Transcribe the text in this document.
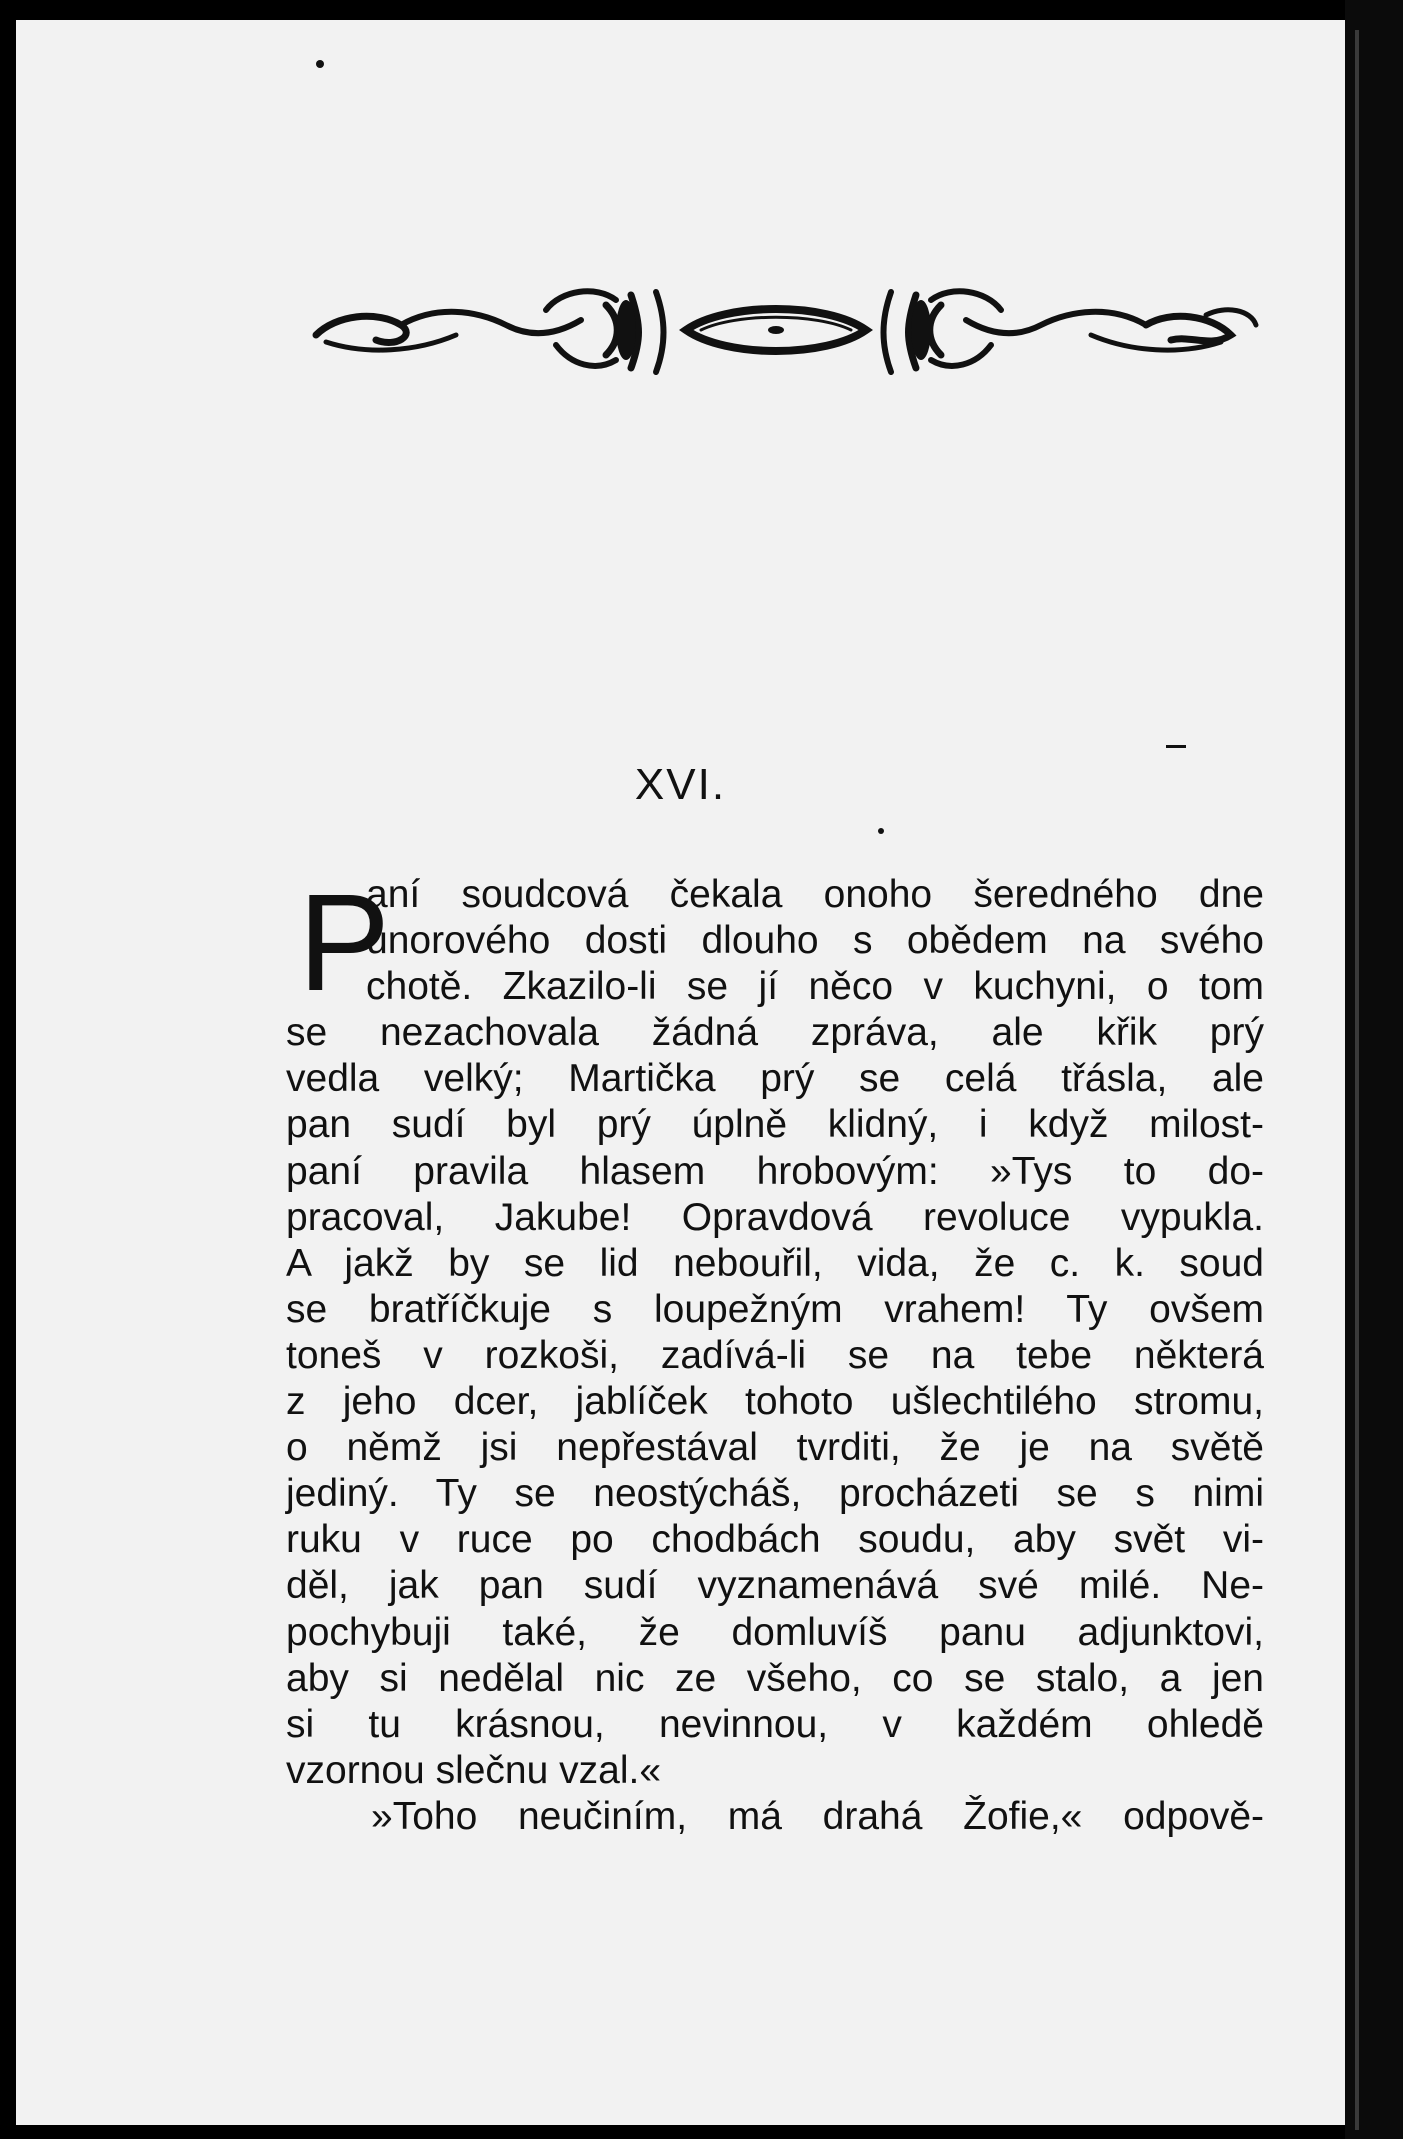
XVI.
P
aní soudcová čekala onoho šeredného dne
únorového dosti dlouho s obědem na svého
chotě. Zkazilo-li se jí něco v kuchyni, o tom
se nezachovala žádná zpráva, ale křik prý
vedla velký; Martička prý se celá třásla, ale
pan sudí byl prý úplně klidný, i když milost-
paní pravila hlasem hrobovým: »Tys to do-
pracoval, Jakube! Opravdová revoluce vypukla.
A jakž by se lid nebouřil, vida, že c. k. soud
se bratříčkuje s loupežným vrahem! Ty ovšem
toneš v rozkoši, zadívá-li se na tebe některá
z jeho dcer, jablíček tohoto ušlechtilého stromu,
o němž jsi nepřestával tvrditi, že je na světě
jediný. Ty se neostýcháš, procházeti se s nimi
ruku v ruce po chodbách soudu, aby svět vi-
děl, jak pan sudí vyznamenává své milé. Ne-
pochybuji také, že domluvíš panu adjunktovi,
aby si nedělal nic ze všeho, co se stalo, a jen
si tu krásnou, nevinnou, v každém ohledě
vzornou slečnu vzal.«
»Toho neučiním, má drahá Žofie,« odpově-
